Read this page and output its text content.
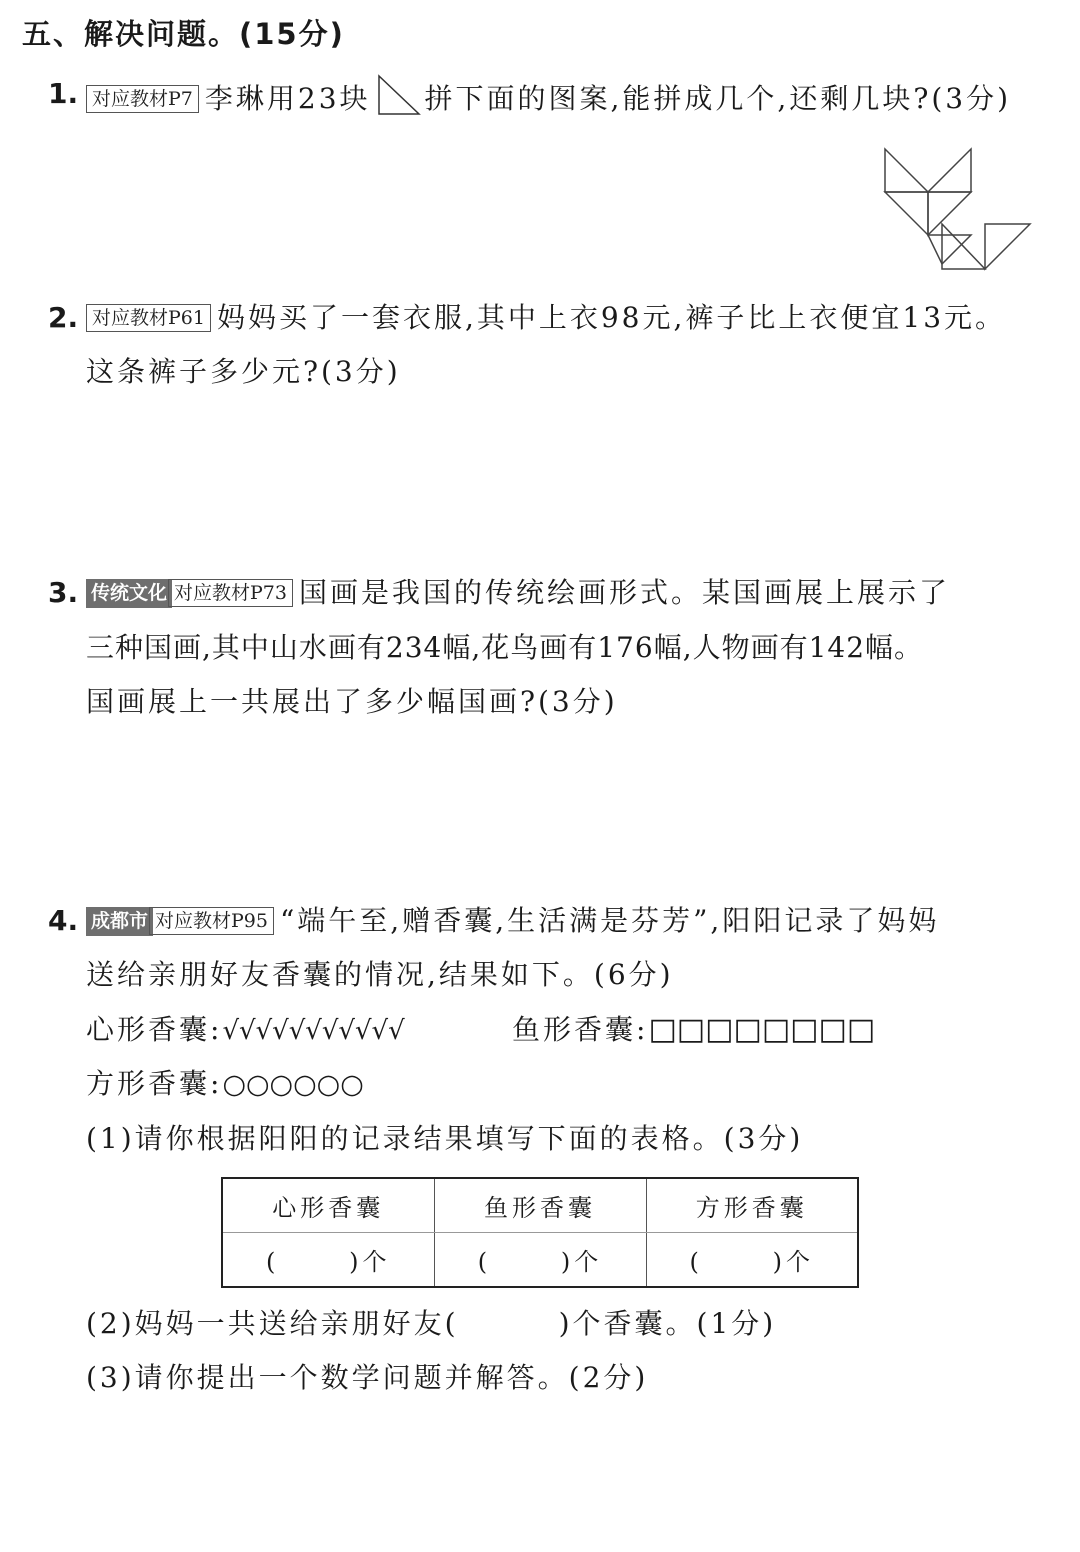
五、解决问题。(15分)
1. 对应教材P7 李琳用23块 拼下面的图案,能拼成几个,还剩几块?(3分)
2. 对应教材P61 妈妈买了一套衣服,其中上衣98元,裤子比上衣便宜13元。
这条裤子多少元?(3分)
3. 传统文化 对应教材P73 国画是我国的传统绘画形式。某国画展上展示了
三种国画,其中山水画有234幅,花鸟画有176幅,人物画有142幅。
国画展上一共展出了多少幅国画?(3分)
4. 成都市 对应教材P95 “端午至,赠香囊,生活满是芬芳”,阳阳记录了妈妈
送给亲朋好友香囊的情况,结果如下。(6分)
心形香囊:√√√√√√√√√√√	鱼形香囊:□□□□□□□□
方形香囊:○○○○○○
(1)请你根据阳阳的记录结果填写下面的表格。(3分)
心形香囊	鱼形香囊	方形香囊
(      )个	(      )个	(      )个
(2)妈妈一共送给亲朋好友(	)个香囊。(1分)
(3)请你提出一个数学问题并解答。(2分)
